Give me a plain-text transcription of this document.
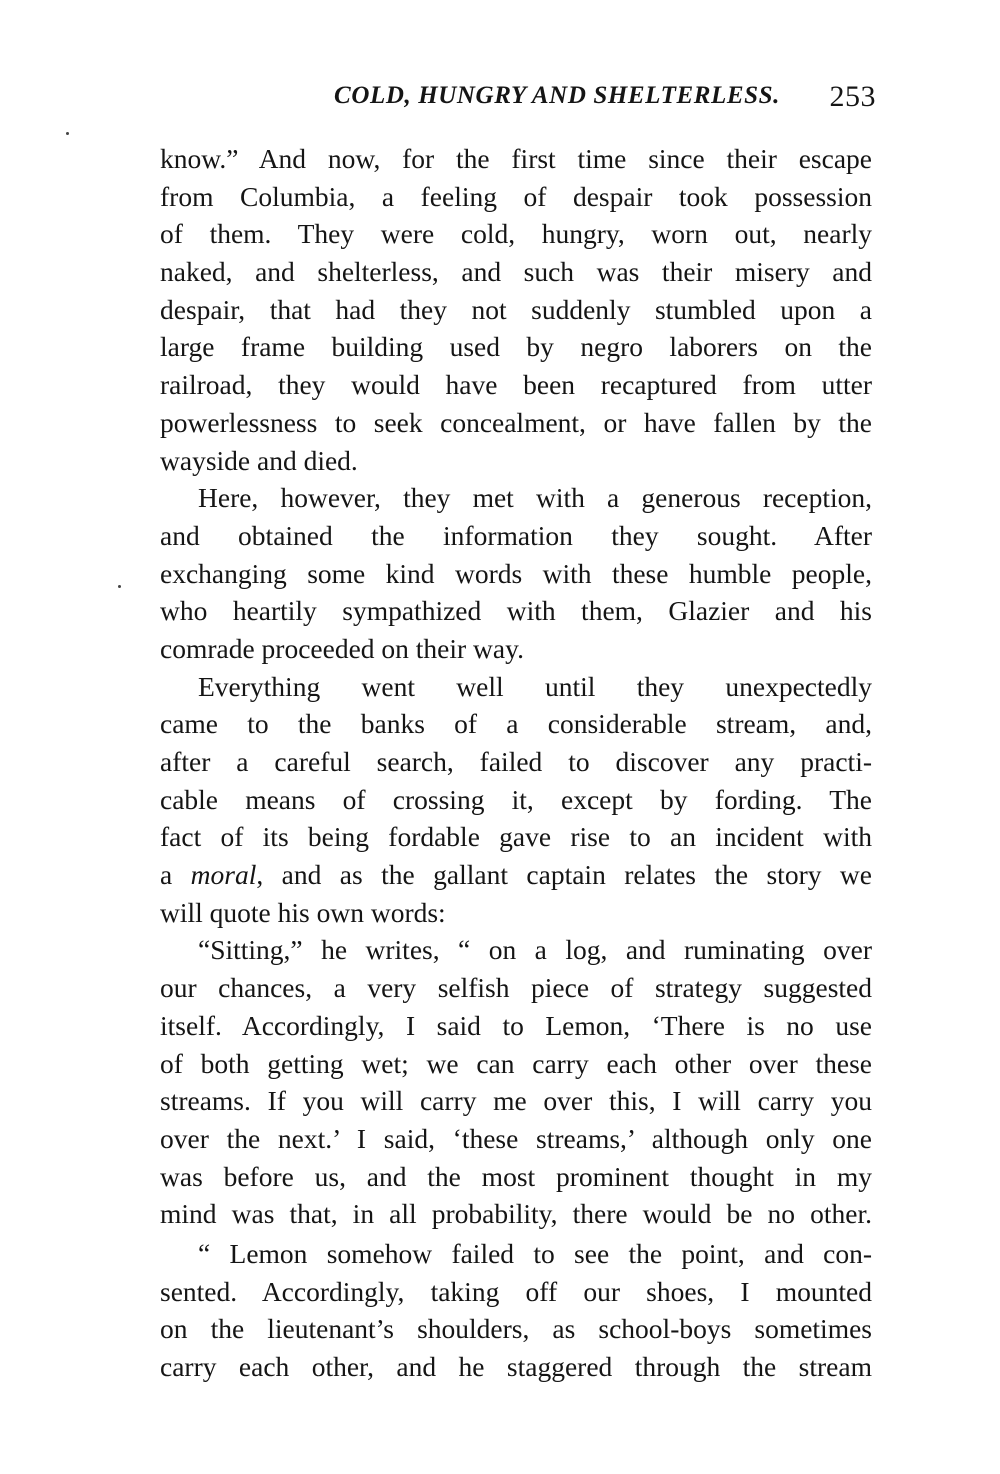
COLD, HUNGRY AND SHELTERLESS. 253
know.” And now, for the first time since their escape
from Columbia, a feeling of despair took possession
of them. They were cold, hungry, worn out, nearly
naked, and shelterless, and such was their misery and
despair, that had they not suddenly stumbled upon a
large frame building used by negro laborers on the
railroad, they would have been recaptured from utter
powerlessness to seek concealment, or have fallen by the
wayside and died.
Here, however, they met with a generous reception,
and obtained the information they sought. After
exchanging some kind words with these humble people,
who heartily sympathized with them, Glazier and his
comrade proceeded on their way.
Everything went well until they unexpectedly
came to the banks of a considerable stream, and,
after a careful search, failed to discover any practi-
cable means of crossing it, except by fording. The
fact of its being fordable gave rise to an incident with
a moral, and as the gallant captain relates the story we
will quote his own words:
“Sitting,” he writes, “ on a log, and ruminating over
our chances, a very selfish piece of strategy suggested
itself. Accordingly, I said to Lemon, ‘There is no use
of both getting wet; we can carry each other over these
streams. If you will carry me over this, I will carry you
over the next.’ I said, ‘these streams,’ although only one
was before us, and the most prominent thought in my
mind was that, in all probability, there would be no other.
“ Lemon somehow failed to see the point, and con-
sented. Accordingly, taking off our shoes, I mounted
on the lieutenant’s shoulders, as school-boys sometimes
carry each other, and he staggered through the stream
